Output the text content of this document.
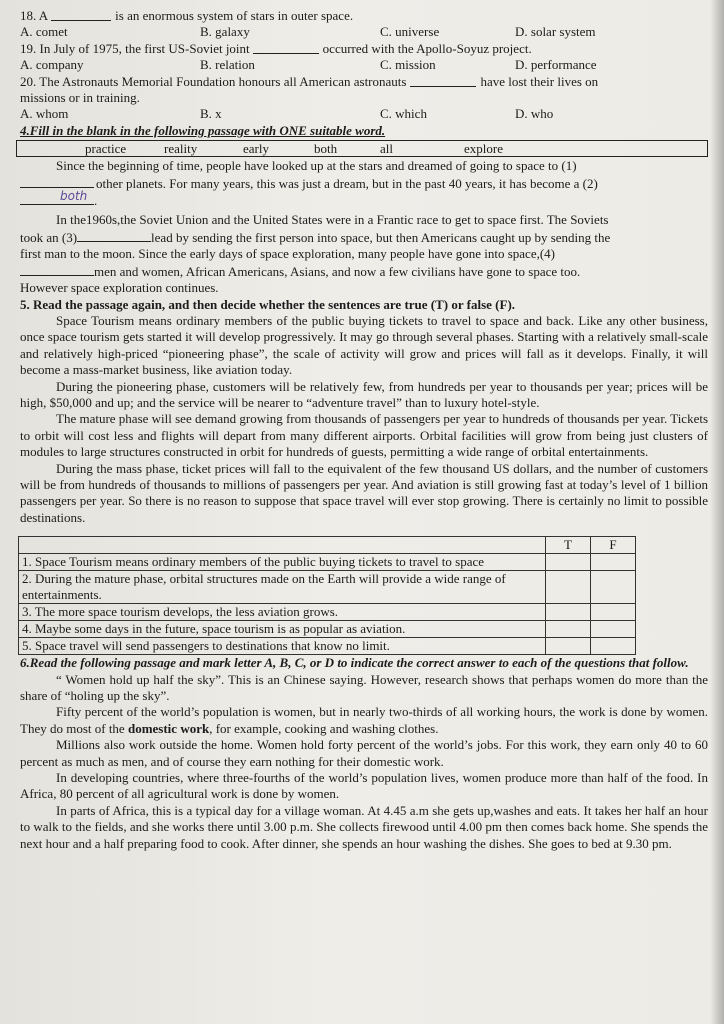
18. A	is an enormous system of stars in outer space.
A. comet	B. galaxy	C. universe	D. solar system
19. In July of 1975, the first US-Soviet joint	occurred with the Apollo-Soyuz project.
A. company	B. relation	C. mission	D. performance
20. The Astronauts Memorial Foundation honours all American astronauts	have lost their lives on
missions or in training.
A. whom	B. x	C. which	D. who
4.Fill in the blank in the following passage with ONE suitable word.
practice	reality	early	both	all	explore

Since the beginning of time, people have looked up at the stars and dreamed of going to space to (1)
other planets. For many years, this was just a dream, but in the past 40 years, it has become a (2)

both .

In the1960s,the Soviet Union and the United States were in a Frantic race to get to space first. The Soviets
took an (3)	lead by sending the first person into space, but then Americans caught up by sending the
first man to the moon. Since the early days of space exploration, many people have gone into space,(4)
men and women, African Americans, Asians, and now a few civilians have gone to space too.
However space exploration continues.

5. Read the passage again, and then decide whether the sentences are true (T) or false (F).

Space Tourism means ordinary members of the public buying tickets to travel to space and back. Like any other business, once space tourism gets started it will develop progressively. It may go through several phases. Starting with a relatively small-scale and relatively high-priced “pioneering phase”, the scale of activity will grow and prices will fall as it develops. Finally, it will become a mass-market business, like aviation today.

During the pioneering phase, customers will be relatively few, from hundreds per year to thousands per year; prices will be high, $50,000 and up; and the service will be nearer to “adventure travel” than to luxury hotel-style.

The mature phase will see demand growing from thousands of passengers per year to hundreds of thousands per year. Tickets to orbit will cost less and flights will depart from many different airports. Orbital facilities will grow from being just clusters of modules to large structures constructed in orbit for hundreds of guests, permitting a wide range of orbital entertainments.

During the mass phase, ticket prices will fall to the equivalent of the few thousand US dollars, and the number of customers will be from hundreds of thousands to millions of passengers per year. And aviation is still growing fast at today’s level of 1 billion passengers per year. So there is no reason to suppose that space travel will ever stop growing. There is certainly no limit to possible destinations.

	T	F
1. Space Tourism means ordinary members of the public buying tickets to travel to space		
2. During the mature phase, orbital structures made on the Earth will provide a wide range of entertainments.		
3. The more space tourism develops, the less aviation grows.		
4. Maybe some days in the future, space tourism is as popular as aviation.		
5. Space travel will send passengers to destinations that know no limit.		
6.Read the following passage and mark letter A, B, C, or D to indicate the correct answer to each of the questions that follow.

“ Women hold up half the sky”. This is an Chinese saying. However, research shows that perhaps women do more than the share of “holing up the sky”.

Fifty percent of the world’s population is women, but in nearly two-thirds of all working hours, the work is done by women. They do most of the domestic work, for example, cooking and washing clothes.

Millions also work outside the home. Women hold forty percent of the world’s jobs. For this work, they earn only 40 to 60 percent as much as men, and of course they earn nothing for their domestic work.

In developing countries, where three-fourths of the world’s population lives, women produce more than half of the food. In Africa, 80 percent of all agricultural work is done by women.

In parts of Africa, this is a typical day for a village woman. At 4.45 a.m she gets up,washes and eats. It takes her half an hour to walk to the fields, and she works there until 3.00 p.m. She collects firewood until 4.00 pm then comes back home. She spends the next hour and a half preparing food to cook. After dinner, she spends an hour washing the dishes. She goes to bed at 9.30 pm.
